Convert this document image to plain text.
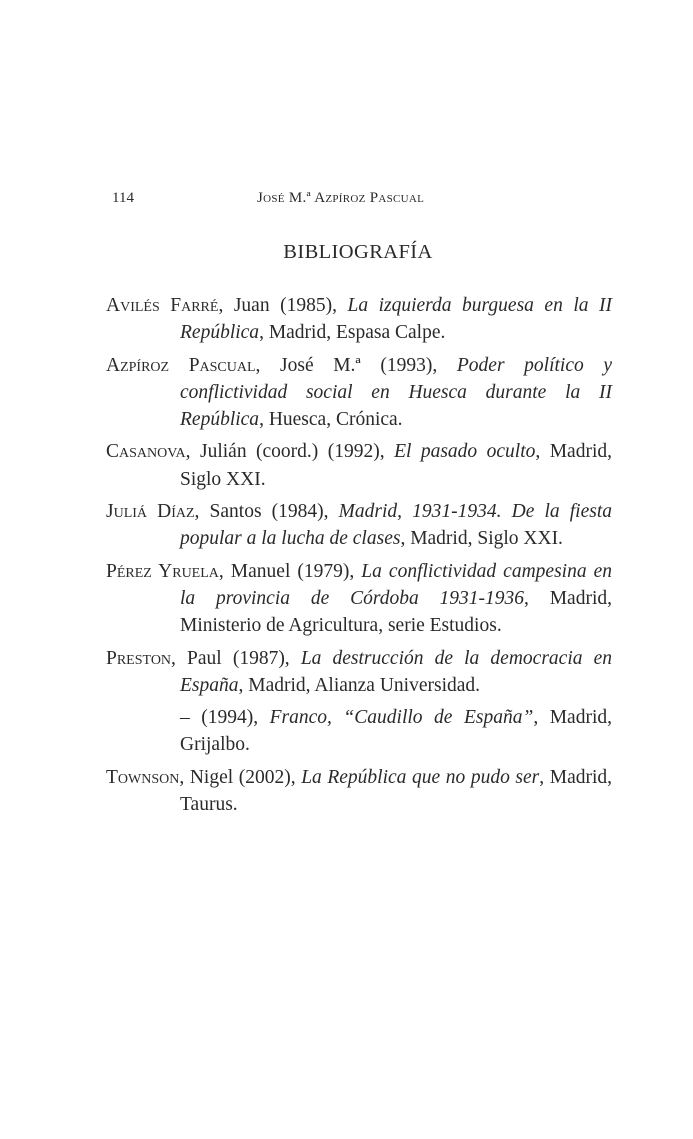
114	José M.ª Azpíroz Pascual
BIBLIOGRAFÍA

Avilés Farré, Juan (1985), La izquierda burguesa en la II República, Madrid, Espasa Calpe.

Azpíroz Pascual, José M.ª (1993), Poder político y conflictividad social en Huesca durante la II República, Huesca, Crónica.

Casanova, Julián (coord.) (1992), El pasado oculto, Madrid, Siglo XXI.

Juliá Díaz, Santos (1984), Madrid, 1931-1934. De la fiesta popular a la lucha de clases, Madrid, Siglo XXI.

Pérez Yruela, Manuel (1979), La conflictividad campesina en la provincia de Córdoba 1931-1936, Madrid, Ministerio de Agricultura, serie Estudios.

Preston, Paul (1987), La destrucción de la democracia en España, Madrid, Alianza Universidad.

– (1994), Franco, “Caudillo de España”, Madrid, Grijalbo.

Townson, Nigel (2002), La República que no pudo ser, Madrid, Taurus.
